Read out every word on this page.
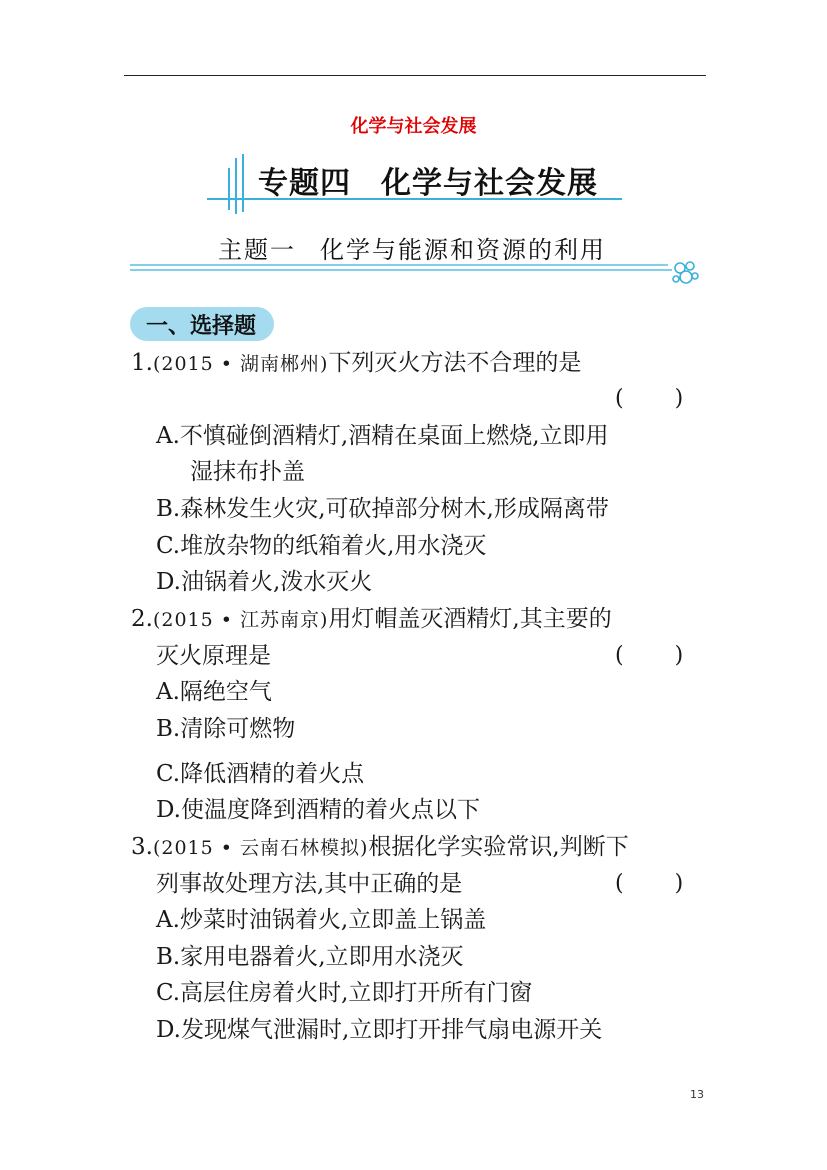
化学与社会发展
专题四 化学与社会发展
主题一 化学与能源和资源的利用
一、选择题
1.(2015 • 湖南郴州)下列灭火方法不合理的是
( )
A.不慎碰倒酒精灯,酒精在桌面上燃烧,立即用
湿抹布扑盖
B.森林发生火灾,可砍掉部分树木,形成隔离带
C.堆放杂物的纸箱着火,用水浇灭
D.油锅着火,泼水灭火
2.(2015 • 江苏南京)用灯帽盖灭酒精灯,其主要的
灭火原理是	( )
A.隔绝空气
B.清除可燃物
C.降低酒精的着火点
D.使温度降到酒精的着火点以下
3.(2015 • 云南石林模拟)根据化学实验常识,判断下
列事故处理方法,其中正确的是	( )
A.炒菜时油锅着火,立即盖上锅盖
B.家用电器着火,立即用水浇灭
C.高层住房着火时,立即打开所有门窗
D.发现煤气泄漏时,立即打开排气扇电源开关
13
